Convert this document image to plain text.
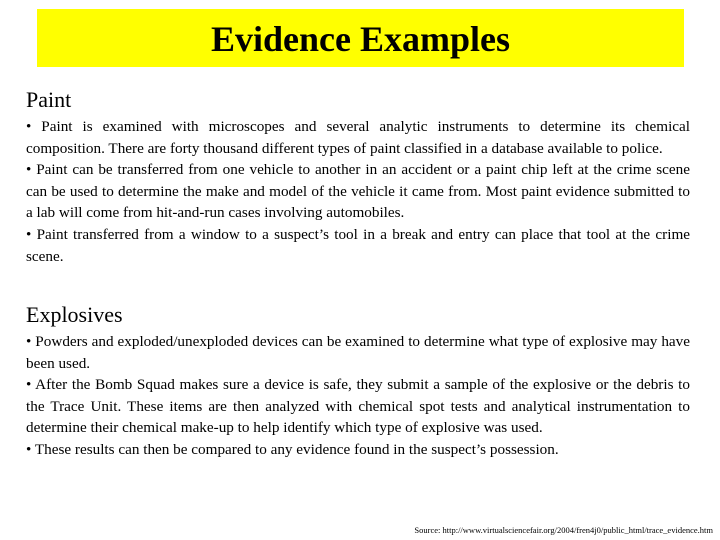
Evidence Examples
Paint

• Paint is examined with microscopes and several analytic instruments to determine its chemical composition. There are forty thousand different types of paint classified in a database available to police.

• Paint can be transferred from one vehicle to another in an accident or a paint chip left at the crime scene can be used to determine the make and model of the vehicle it came from. Most paint evidence submitted to a lab will come from hit-and-run cases involving automobiles.

• Paint transferred from a window to a suspect’s tool in a break and entry can place that tool at the crime scene.

Explosives

• Powders and exploded/unexploded devices can be examined to determine what type of explosive may have been used.

• After the Bomb Squad makes sure a device is safe, they submit a sample of the explosive or the debris to the Trace Unit. These items are then analyzed with chemical spot tests and analytical instrumentation to determine their chemical make-up to help identify which type of explosive was used.

• These results can then be compared to any evidence found in the suspect’s possession.

Source: http://www.virtualsciencefair.org/2004/fren4j0/public_html/trace_evidence.htm
